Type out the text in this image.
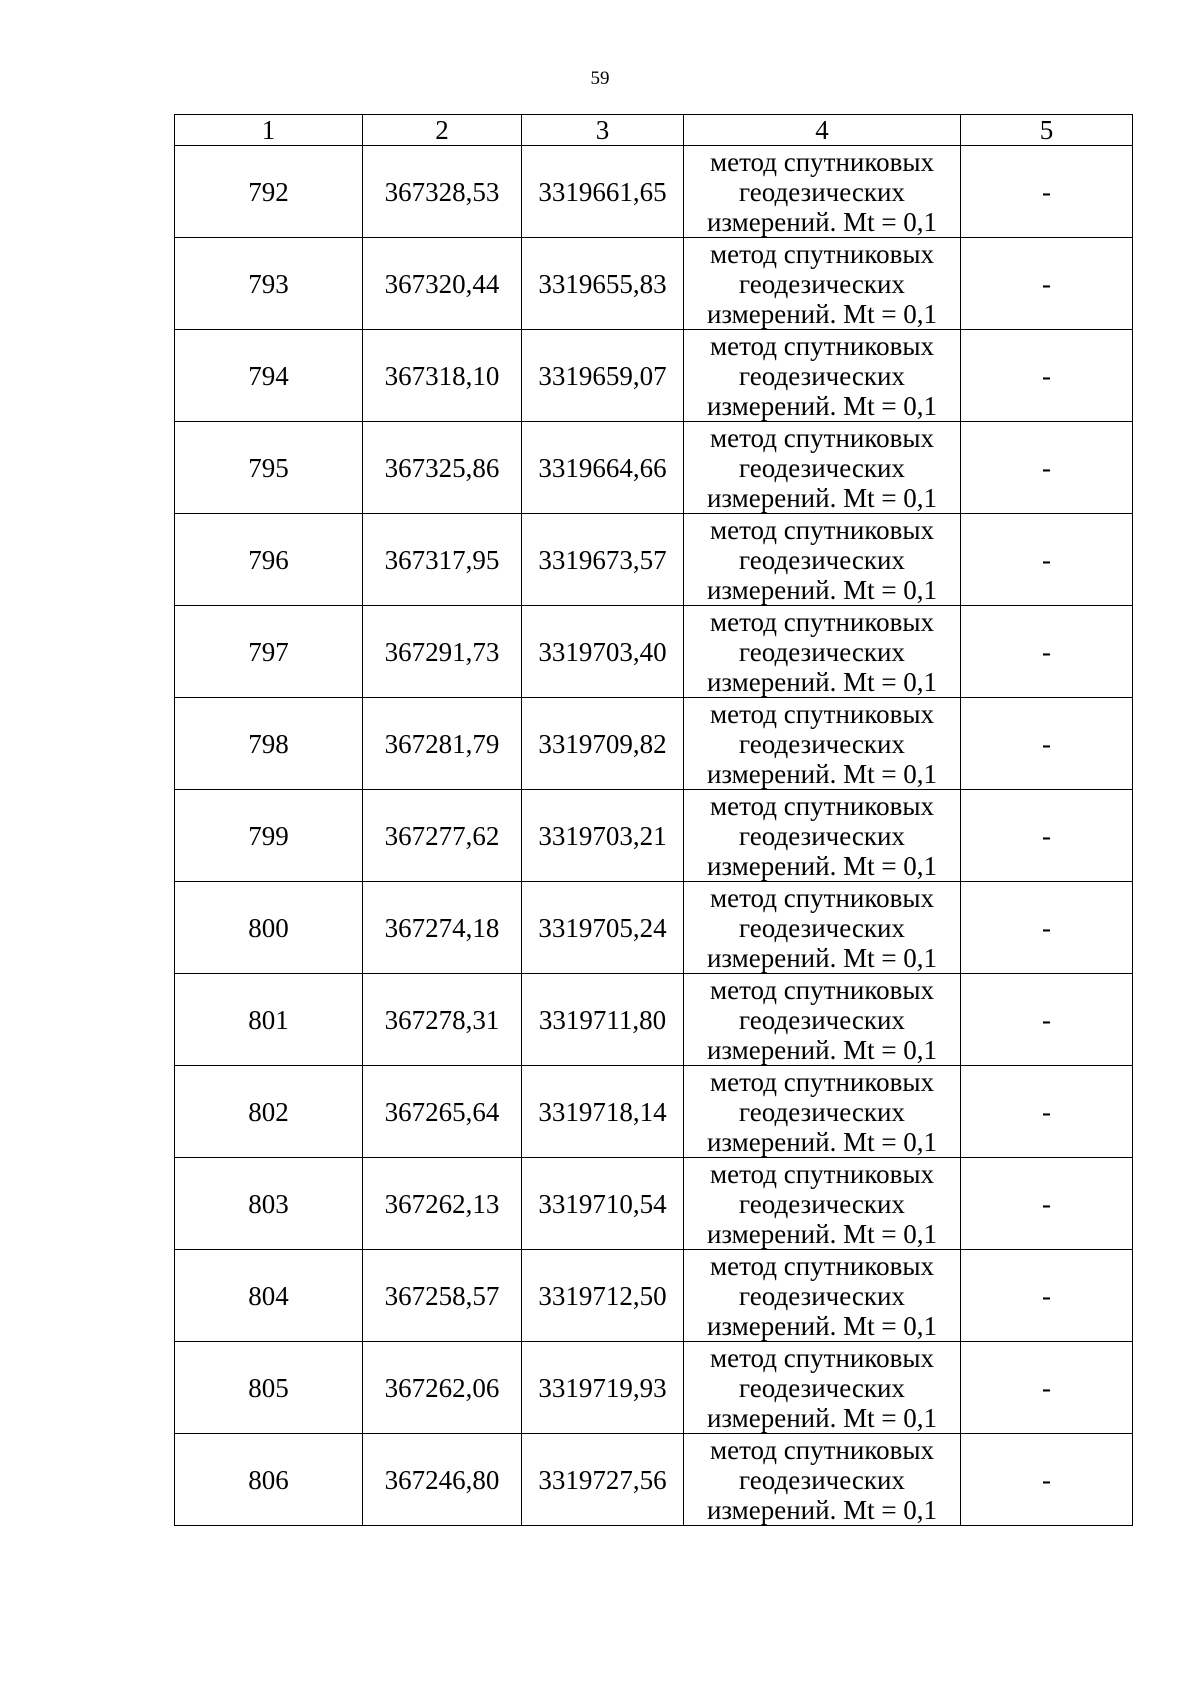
59
1	2	3	4	5
792	367328,53	3319661,65	метод спутниковых геодезических измерений. Mt = 0,1	-
793	367320,44	3319655,83	метод спутниковых геодезических измерений. Mt = 0,1	-
794	367318,10	3319659,07	метод спутниковых геодезических измерений. Mt = 0,1	-
795	367325,86	3319664,66	метод спутниковых геодезических измерений. Mt = 0,1	-
796	367317,95	3319673,57	метод спутниковых геодезических измерений. Mt = 0,1	-
797	367291,73	3319703,40	метод спутниковых геодезических измерений. Mt = 0,1	-
798	367281,79	3319709,82	метод спутниковых геодезических измерений. Mt = 0,1	-
799	367277,62	3319703,21	метод спутниковых геодезических измерений. Mt = 0,1	-
800	367274,18	3319705,24	метод спутниковых геодезических измерений. Mt = 0,1	-
801	367278,31	3319711,80	метод спутниковых геодезических измерений. Mt = 0,1	-
802	367265,64	3319718,14	метод спутниковых геодезических измерений. Mt = 0,1	-
803	367262,13	3319710,54	метод спутниковых геодезических измерений. Mt = 0,1	-
804	367258,57	3319712,50	метод спутниковых геодезических измерений. Mt = 0,1	-
805	367262,06	3319719,93	метод спутниковых геодезических измерений. Mt = 0,1	-
806	367246,80	3319727,56	метод спутниковых геодезических измерений. Mt = 0,1	-
